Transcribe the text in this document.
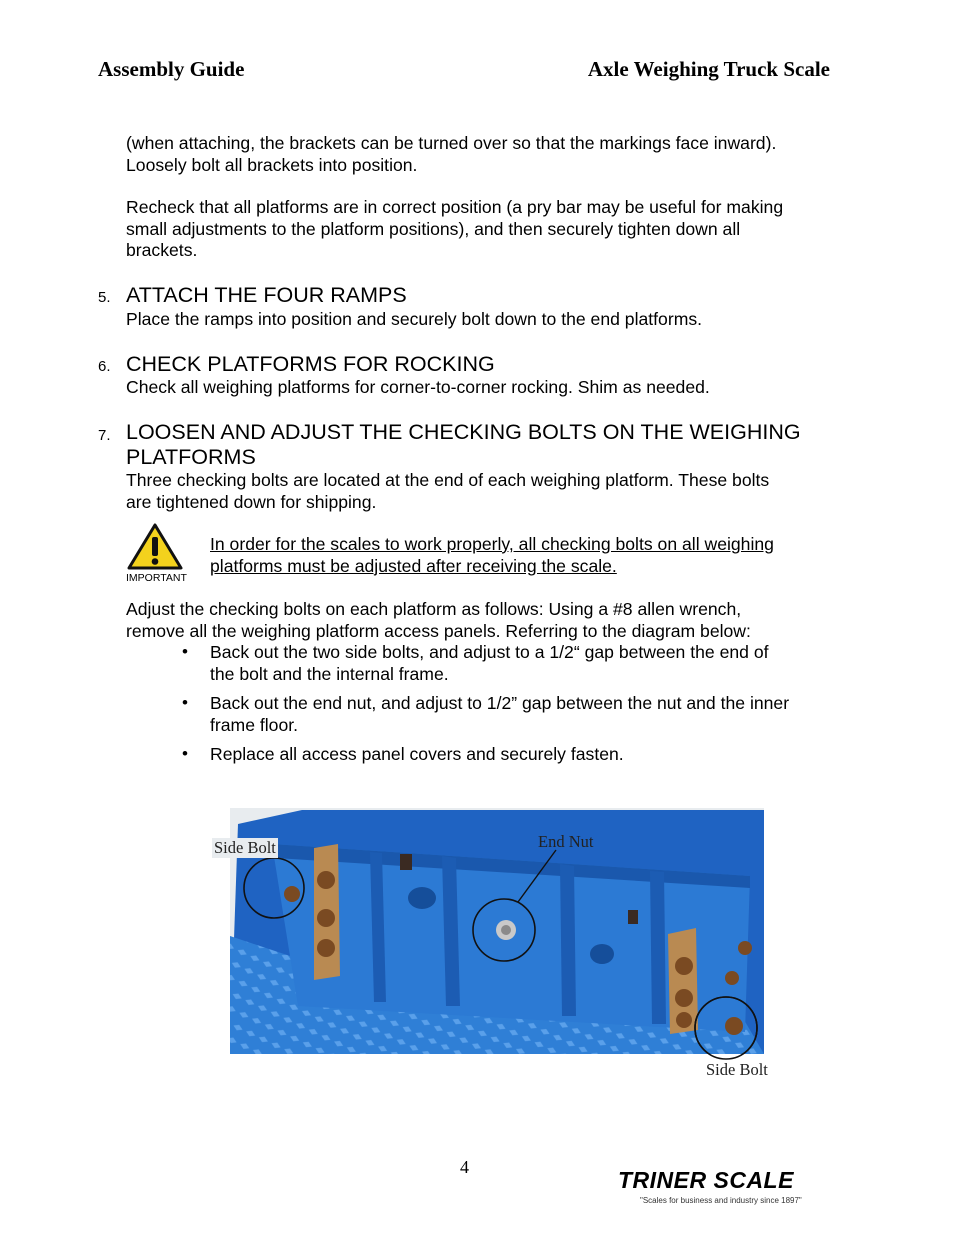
Assembly Guide	Axle Weighing Truck Scale
(when attaching, the brackets can be turned over so that the markings face inward).
Loosely bolt all brackets into position.
Recheck that all platforms are in correct position (a pry bar may be useful for making
small adjustments to the platform positions), and then securely tighten down all
brackets.
5. ATTACH THE FOUR RAMPS
Place the ramps into position and securely bolt down to the end platforms.
6. CHECK PLATFORMS FOR ROCKING
Check all weighing platforms for corner-to-corner rocking. Shim as needed.
7. LOOSEN AND ADJUST THE CHECKING BOLTS ON THE WEIGHING
PLATFORMS
Three checking bolts are located at the end of each weighing platform. These bolts
are tightened down for shipping.
IMPORTANT
In order for the scales to work properly, all checking bolts on all weighing
platforms must be adjusted after receiving the scale.
Adjust the checking bolts on each platform as follows: Using a #8 allen wrench,
remove all the weighing platform access panels. Referring to the diagram below:
• Back out the two side bolts, and adjust to a 1/2“ gap between the end of
the bolt and the internal frame.
• Back out the end nut, and adjust to 1/2” gap between the nut and the inner
frame floor.
• Replace all access panel covers and securely fasten.
Side Bolt	End Nut
Side Bolt
4	TRINER SCALE
"Scales for business and industry since 1897"
